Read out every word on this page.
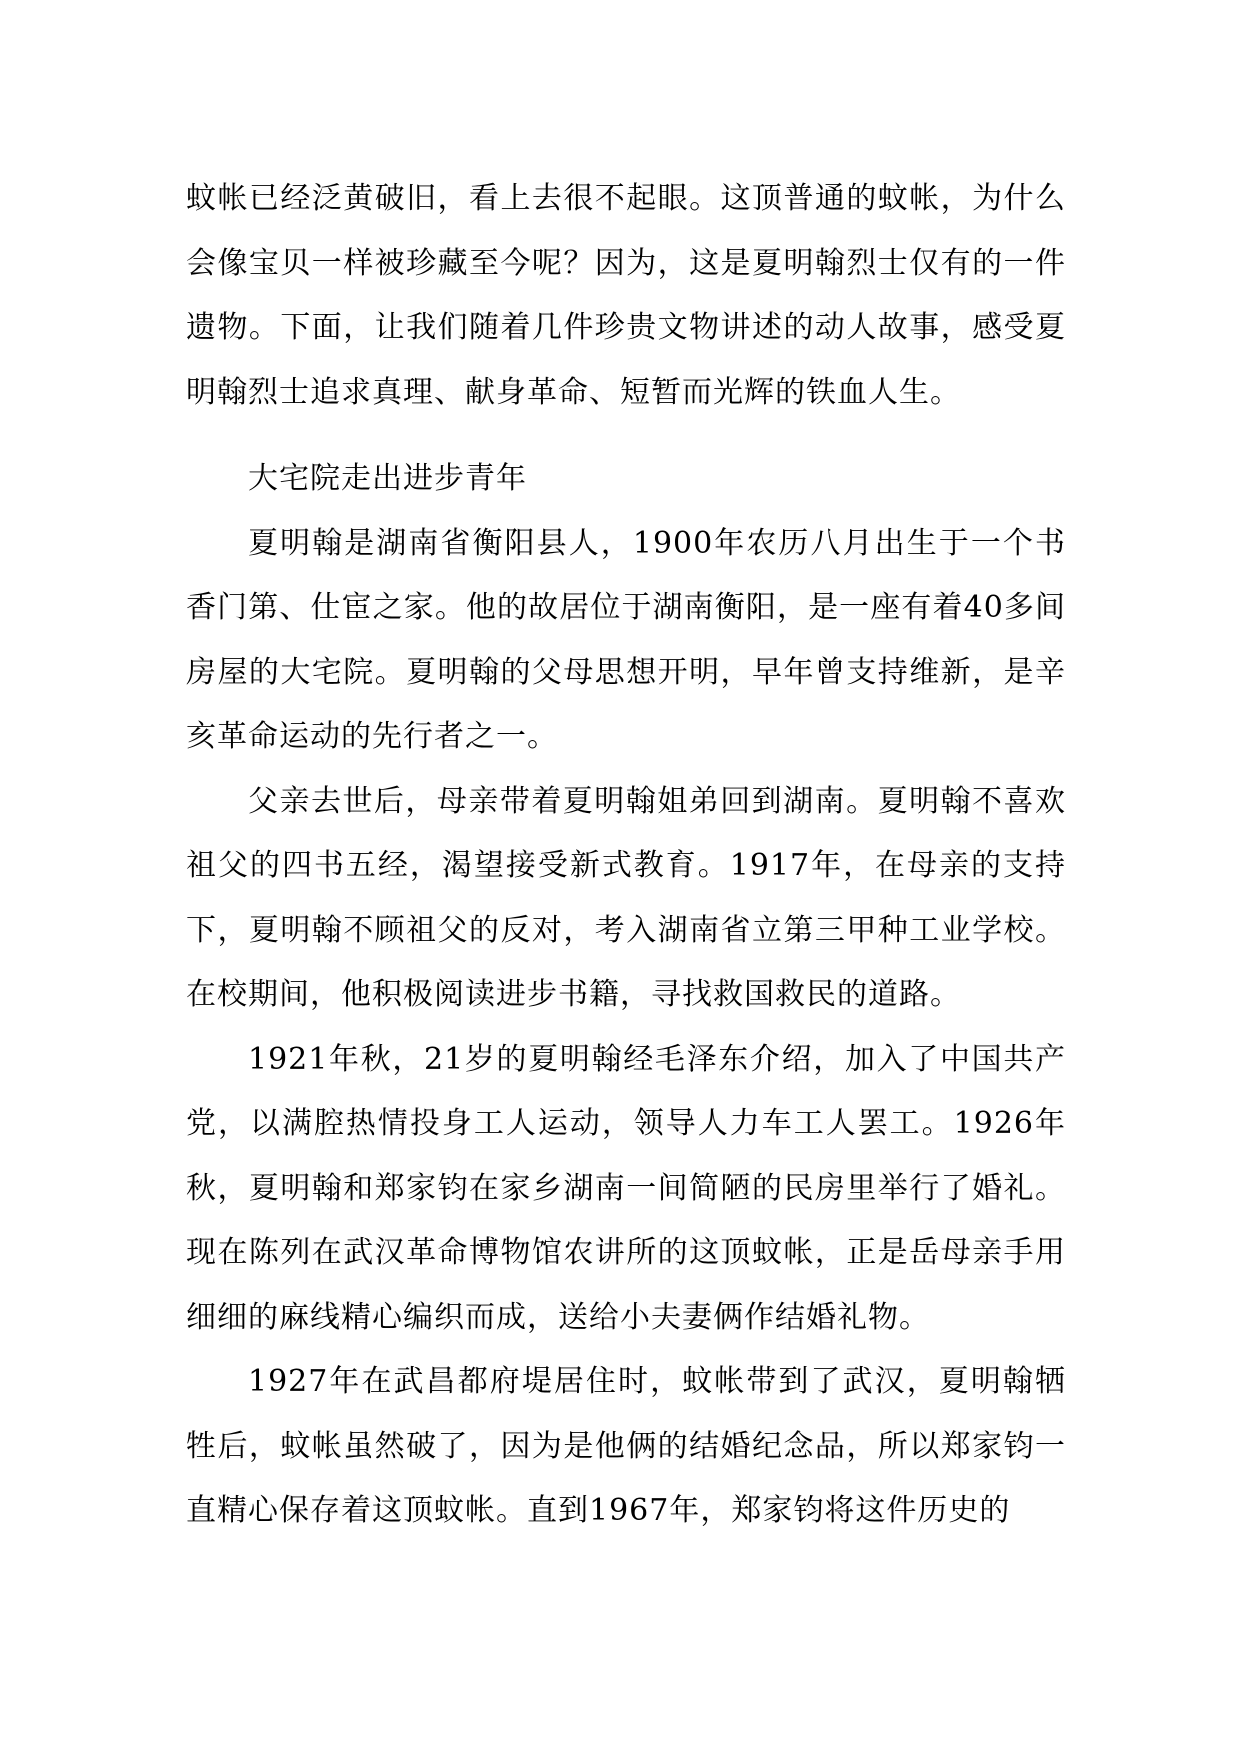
蚊帐已经泛黄破旧，看上去很不起眼。这顶普通的蚊帐，为什么会像宝贝一样被珍藏至今呢？因为，这是夏明翰烈士仅有的一件遗物。下面，让我们随着几件珍贵文物讲述的动人故事，感受夏明翰烈士追求真理、献身革命、短暂而光辉的铁血人生。

大宅院走出进步青年

夏明翰是湖南省衡阳县人，1900年农历八月出生于一个书香门第、仕宦之家。他的故居位于湖南衡阳，是一座有着40多间房屋的大宅院。夏明翰的父母思想开明，早年曾支持维新，是辛亥革命运动的先行者之一。

父亲去世后，母亲带着夏明翰姐弟回到湖南。夏明翰不喜欢祖父的四书五经，渴望接受新式教育。1917年，在母亲的支持下，夏明翰不顾祖父的反对，考入湖南省立第三甲种工业学校。在校期间，他积极阅读进步书籍，寻找救国救民的道路。

1921年秋，21岁的夏明翰经毛泽东介绍，加入了中国共产党，以满腔热情投身工人运动，领导人力车工人罢工。1926年秋，夏明翰和郑家钧在家乡湖南一间简陋的民房里举行了婚礼。现在陈列在武汉革命博物馆农讲所的这顶蚊帐，正是岳母亲手用细细的麻线精心编织而成，送给小夫妻俩作结婚礼物。

1927年在武昌都府堤居住时，蚊帐带到了武汉，夏明翰牺牲后，蚊帐虽然破了，因为是他俩的结婚纪念品，所以郑家钧一直精心保存着这顶蚊帐。直到1967年，郑家钧将这件历史的
